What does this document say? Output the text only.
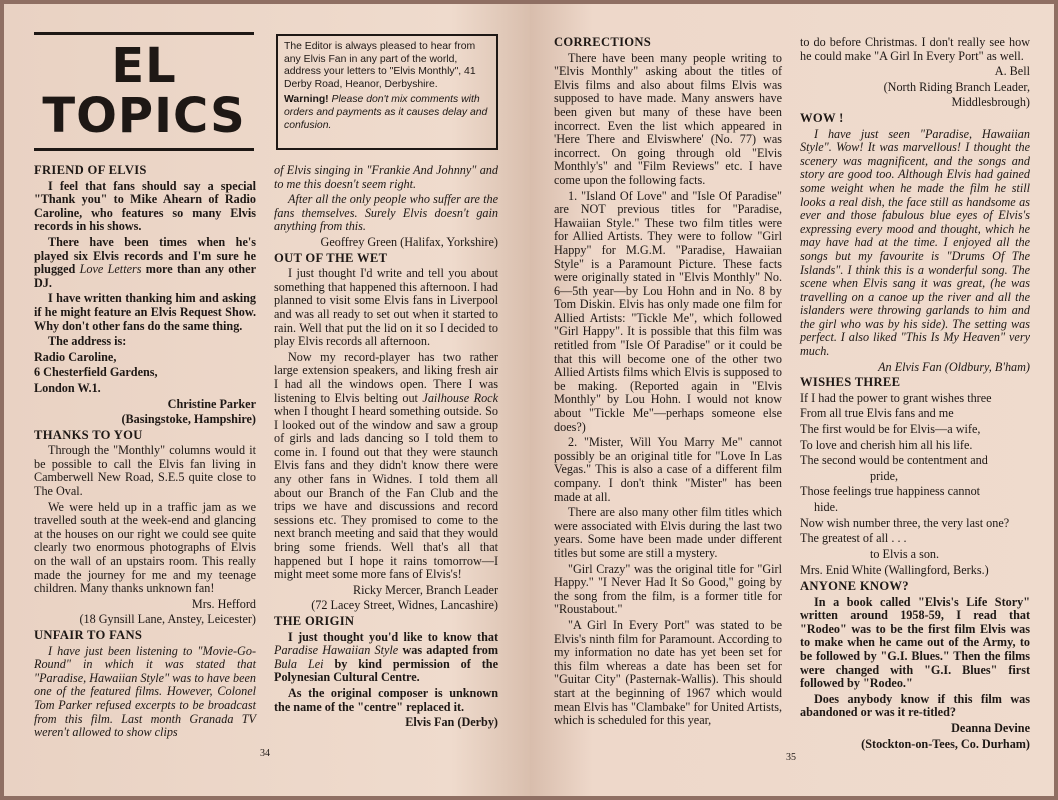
EL
TOPICS

The Editor is always pleased to hear from any Elvis Fan in any part of the world, address your letters to "Elvis Monthly", 41 Derby Road, Heanor, Derbyshire.

Warning! Please don't mix comments with orders and payments as it causes delay and confusion.

FRIEND OF ELVIS

I feel that fans should say a special "Thank you" to Mike Ahearn of Radio Caroline, who features so many Elvis records in his shows.

There have been times when he's played six Elvis records and I'm sure he plugged Love Letters more than any other DJ.

I have written thanking him and asking if he might feature an Elvis Request Show. Why don't other fans do the same thing.

The address is:

Radio Caroline,

6 Chesterfield Gardens,

London W.1.

Christine Parker

(Basingstoke, Hampshire)

THANKS TO YOU

Through the "Monthly" columns would it be possible to call the Elvis fan living in Camberwell New Road, S.E.5 quite close to The Oval.

We were held up in a traffic jam as we travelled south at the week-end and glancing at the houses on our right we could see quite clearly two enormous photographs of Elvis on the wall of an upstairs room. This really made the journey for me and my teenage children. Many thanks unknown fan!

Mrs. Hefford

(18 Gynsill Lane, Anstey, Leicester)

UNFAIR TO FANS

I have just been listening to "Movie-Go-Round" in which it was stated that "Paradise, Hawaiian Style" was to have been one of the featured films. However, Colonel Tom Parker refused excerpts to be broadcast from this film. Last month Granada TV weren't allowed to show clips

of Elvis singing in "Frankie And Johnny" and to me this doesn't seem right.

After all the only people who suffer are the fans themselves. Surely Elvis doesn't gain anything from this.

Geoffrey Green (Halifax, Yorkshire)

OUT OF THE WET

I just thought I'd write and tell you about something that happened this afternoon. I had planned to visit some Elvis fans in Liverpool and was all ready to set out when it started to rain. Well that put the lid on it so I decided to play Elvis records all afternoon.

Now my record-player has two rather large extension speakers, and liking fresh air I had all the windows open. There I was listening to Elvis belting out Jailhouse Rock when I thought I heard something outside. So I looked out of the window and saw a group of girls and lads dancing so I told them to come in. I found out that they were staunch Elvis fans and they didn't know there were any other fans in Widnes. I told them all about our Branch of the Fan Club and the trips we have and discussions and record sessions etc. They promised to come to the next branch meeting and said that they would bring some friends. Well that's all that happened but I hope it rains tomorrow—I might meet some more fans of Elvis's!

Ricky Mercer, Branch Leader

(72 Lacey Street, Widnes, Lancashire)

THE ORIGIN

I just thought you'd like to know that Paradise Hawaiian Style was adapted from Bula Lei by kind permission of the Polynesian Cultural Centre.

As the original composer is unknown the name of the "centre" replaced it.

Elvis Fan (Derby)

34

CORRECTIONS

There have been many people writing to "Elvis Monthly" asking about the titles of Elvis films and also about films Elvis was supposed to have made. Many answers have been given but many of these have been incorrect. Even the list which appeared in 'Here There and Elviswhere' (No. 77) was incorrect. On going through old "Elvis Monthly's" and "Film Reviews" etc. I have come upon the following facts.

1. "Island Of Love" and "Isle Of Paradise" are NOT previous titles for "Paradise, Hawaiian Style." These two film titles were for Allied Artists. They were to follow "Girl Happy" for M.G.M. "Paradise, Hawaiian Style" is a Paramount Picture. These facts were originally stated in "Elvis Monthly" No. 6—5th year—by Lou Hohn and in No. 8 by Tom Diskin. Elvis has only made one film for Allied Artists: "Tickle Me", which followed "Girl Happy". It is possible that this film was retitled from "Isle Of Paradise" or it could be that this will become one of the other two Allied Artists films which Elvis is supposed to be making. (Reported again in "Elvis Monthly" by Lou Hohn. I would not know about "Tickle Me"—perhaps someone else does?)

2. "Mister, Will You Marry Me" cannot possibly be an original title for "Love In Las Vegas." This is also a case of a different film company. I don't think "Mister" has been made at all.

There are also many other film titles which were associated with Elvis during the last two years. Some have been made under different titles but some are still a mystery.

"Girl Crazy" was the original title for "Girl Happy." "I Never Had It So Good," going by the song from the film, is a former title for "Roustabout."

"A Girl In Every Port" was stated to be Elvis's ninth film for Paramount. According to my information no date has yet been set for this film whereas a date has been set for "Guitar City" (Pasternak-Wallis). This should start at the beginning of 1967 which would mean Elvis has "Clambake" for United Artists, which is scheduled for this year,

to do before Christmas. I don't really see how he could make "A Girl In Every Port" as well.

A. Bell

(North Riding Branch Leader,

Middlesbrough)

WOW !

I have just seen "Paradise, Hawaiian Style". Wow! It was marvellous! I thought the scenery was magnificent, and the songs and story are good too. Although Elvis had gained some weight when he made the film he still looks a real dish, the face still as handsome as ever and those fabulous blue eyes of Elvis's expressing every mood and thought, which he may have had at the time. I enjoyed all the songs but my favourite is "Drums Of The Islands". I think this is a wonderful song. The scene when Elvis sang it was great, (he was travelling on a canoe up the river and all the islanders were throwing garlands to him and the girl who was by his side). The setting was perfect. I also liked "This Is My Heaven" very much.

An Elvis Fan (Oldbury, B'ham)

WISHES THREE

If I had the power to grant wishes three

From all true Elvis fans and me

The first would be for Elvis—a wife,

To love and cherish him all his life.

The second would be contentment and

pride,

Those feelings true happiness cannot

hide.

Now wish number three, the very last one?

The greatest of all . . .

to Elvis a son.

Mrs. Enid White (Wallingford, Berks.)

ANYONE KNOW?

In a book called "Elvis's Life Story" written around 1958-59, I read that "Rodeo" was to be the first film Elvis was to make when he came out of the Army, to be followed by "G.I. Blues." Then the films were changed with "G.I. Blues" first followed by "Rodeo."

Does anybody know if this film was abandoned or was it re-titled?

Deanna Devine

(Stockton-on-Tees, Co. Durham)

35
